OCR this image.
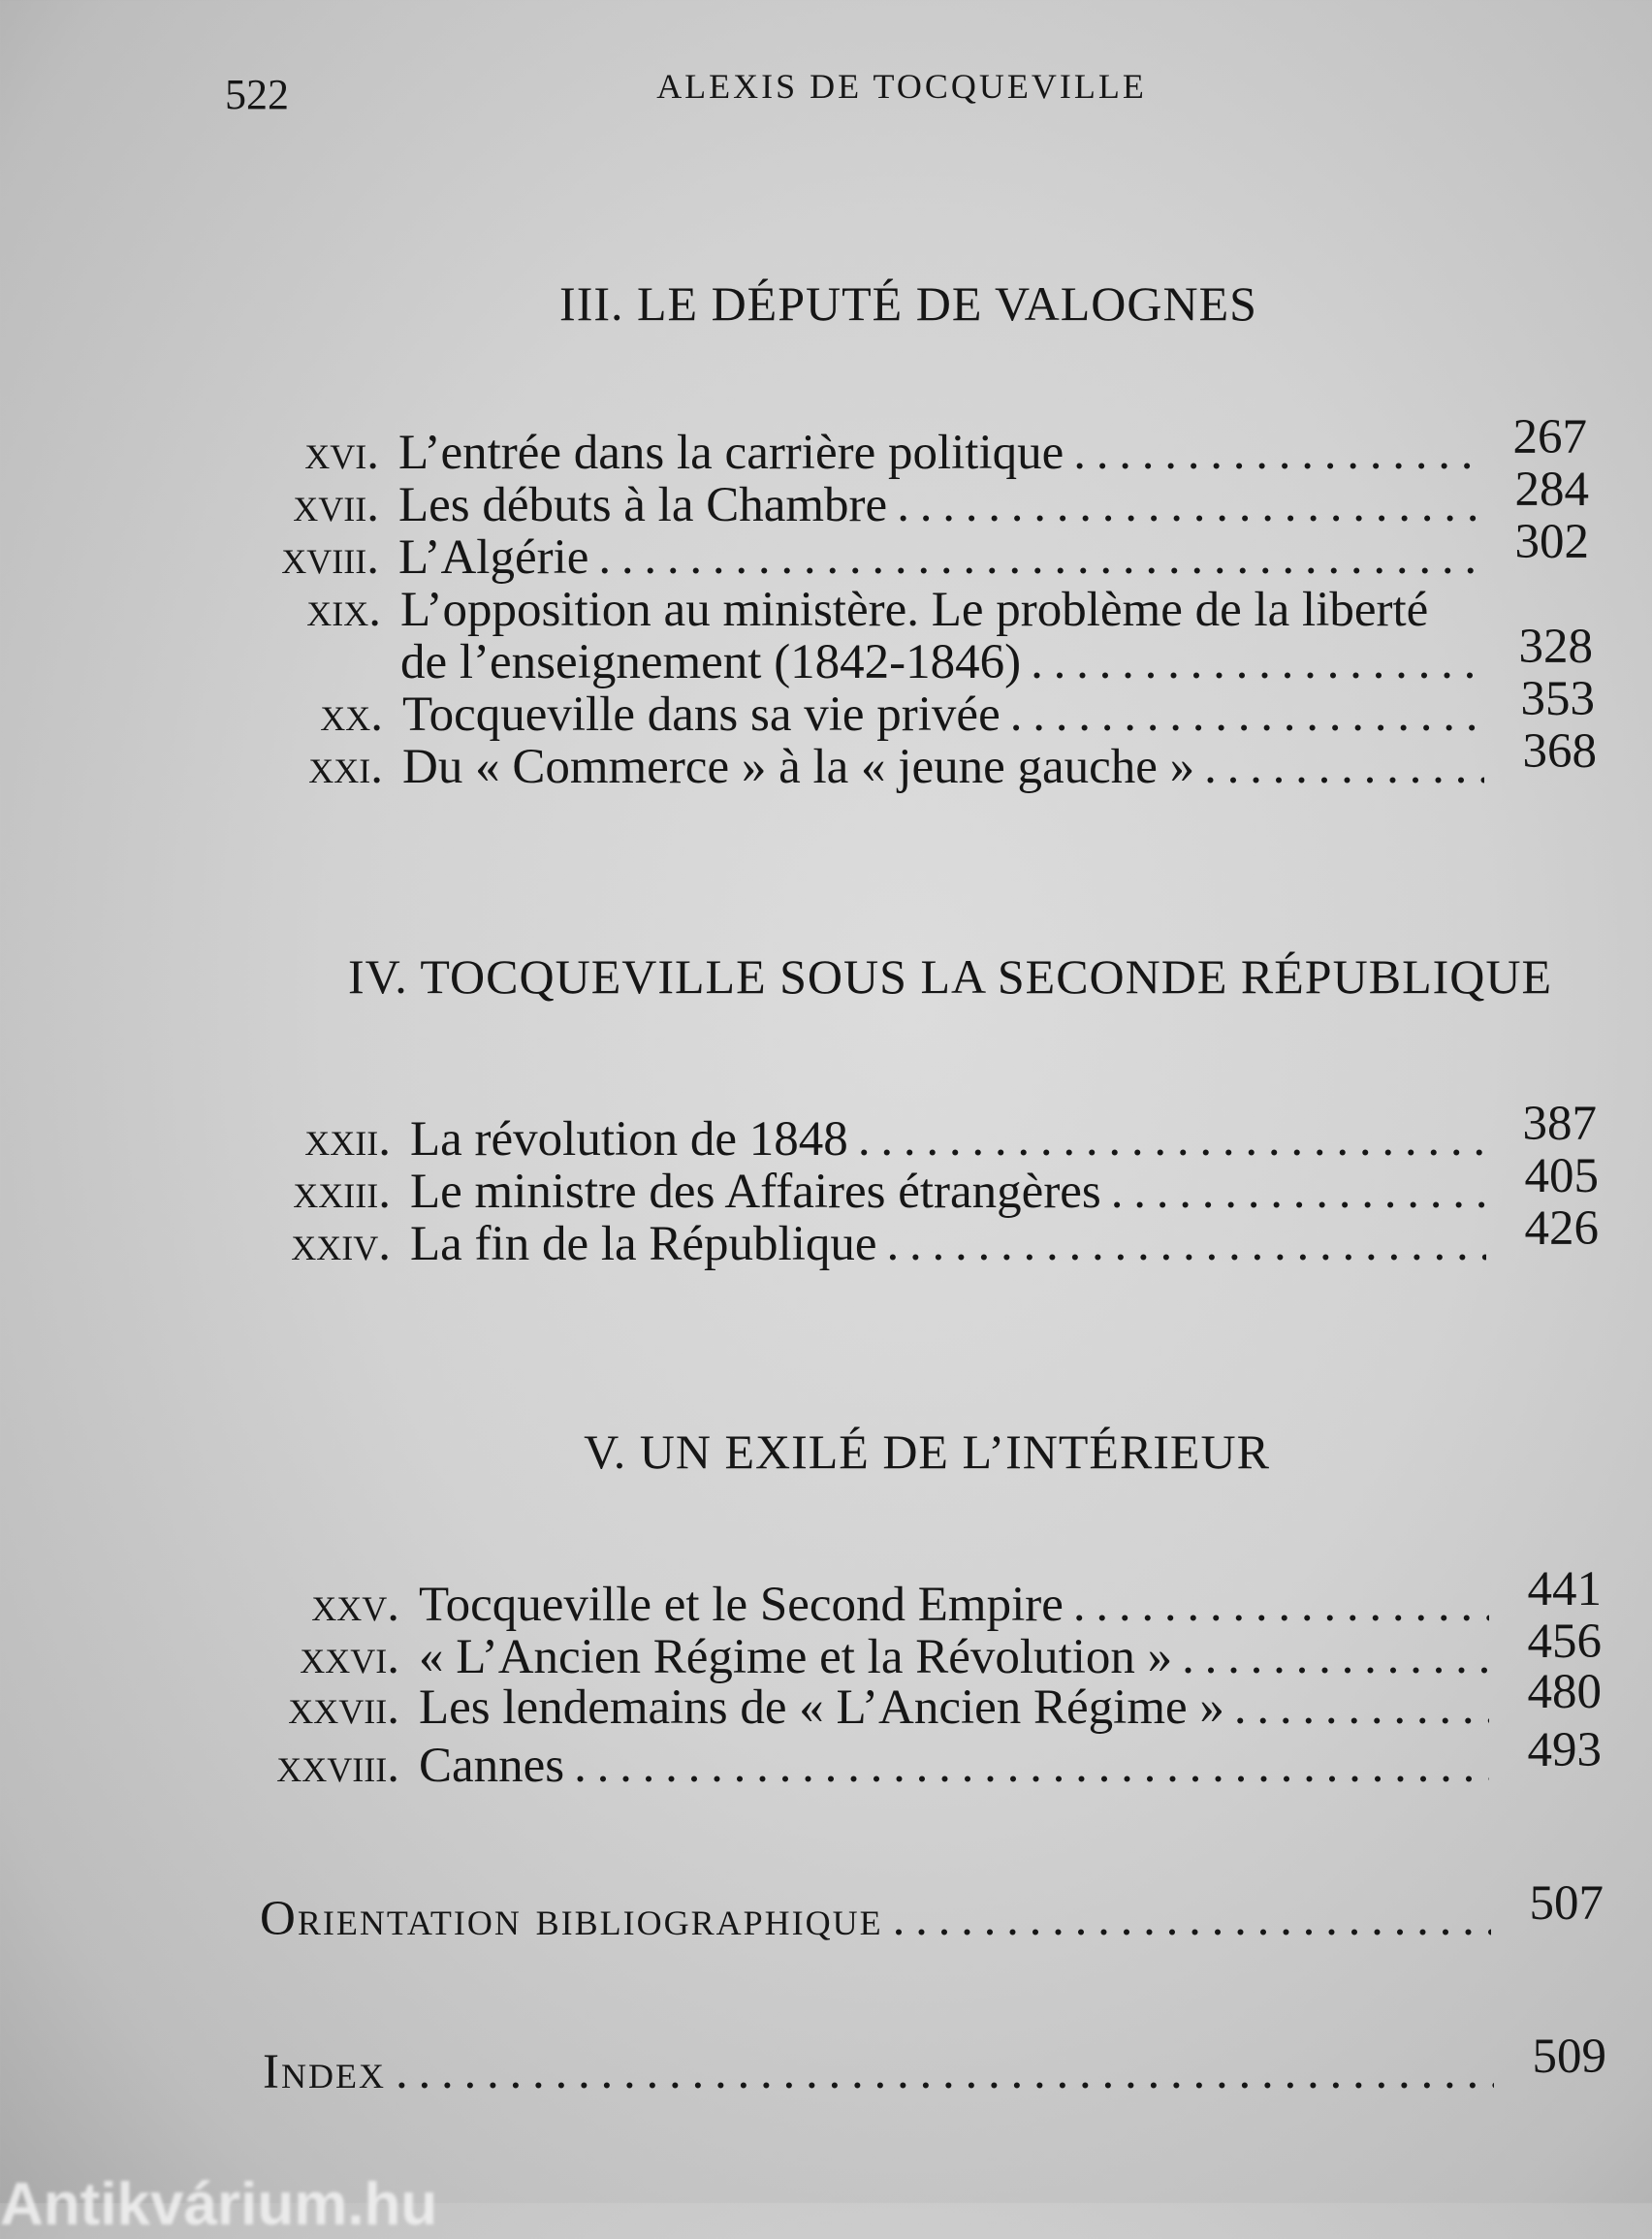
522	ALEXIS DE TOCQUEVILLE
III. LE DÉPUTÉ DE VALOGNES
xvi. L’entrée dans la carrière politique . . .	267
xvii. Les débuts à la Chambre . . .	284
xviii. L’Algérie . . .	302
xix. L’opposition au ministère. Le problème de la liberté
de l’enseignement (1842-1846) . . .	328
xx. Tocqueville dans sa vie privée . . .	353
xxi. Du « Commerce » à la « jeune gauche » . . .	368
IV. TOCQUEVILLE SOUS LA SECONDE RÉPUBLIQUE
xxii. La révolution de 1848 . . .	387
xxiii. Le ministre des Affaires étrangères . . .	405
xxiv. La fin de la République . . .	426
V. UN EXILÉ DE L’INTÉRIEUR
xxv. Tocqueville et le Second Empire . . .	441
xxvi. « L’Ancien Régime et la Révolution » . . .	456
xxvii. Les lendemains de « L’Ancien Régime » . . .	480
xxviii. Cannes . . .	493
Orientation bibliographique . . .	507
Index . . .	509
Antikvárium.hu
